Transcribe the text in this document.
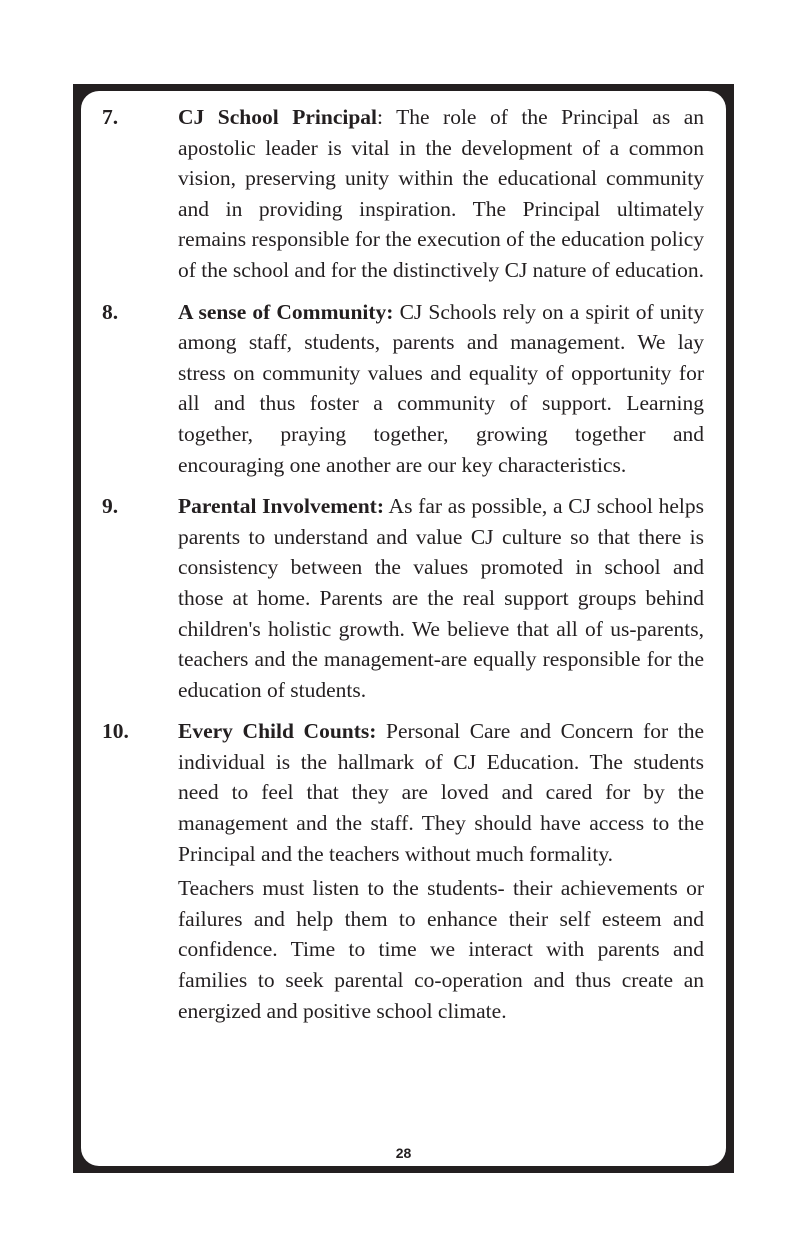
7.	CJ School Principal: The role of the Principal as an apostolic leader is vital in the development of a common vision, preserving unity within the educational community and in providing inspiration. The Principal ultimately remains responsible for the execution of the education policy of the school and for the distinctively CJ nature of education.
8.	A sense of Community: CJ Schools rely on a spirit of unity among staff, students, parents and management. We lay stress on community values and equality of opportunity for all and thus foster a community of support. Learning together, praying together, growing together and encouraging one another are our key characteristics.
9.	Parental Involvement: As far as possible, a CJ school helps parents to understand and value CJ culture so that there is consistency between the values promoted in school and those at home. Parents are the real support groups behind children's holistic growth. We believe that all of us-parents, teachers and the management-are equally responsible for the education of students.
10.	Every Child Counts: Personal Care and Concern for the individual is the hallmark of CJ Education. The students need to feel that they are loved and cared for by the management and the staff. They should have access to the Principal and the teachers without much formality.
Teachers must listen to the students- their achievements or failures and help them to enhance their self esteem and confidence. Time to time we interact with parents and families to seek parental co-operation and thus create an energized and positive school climate.
28
